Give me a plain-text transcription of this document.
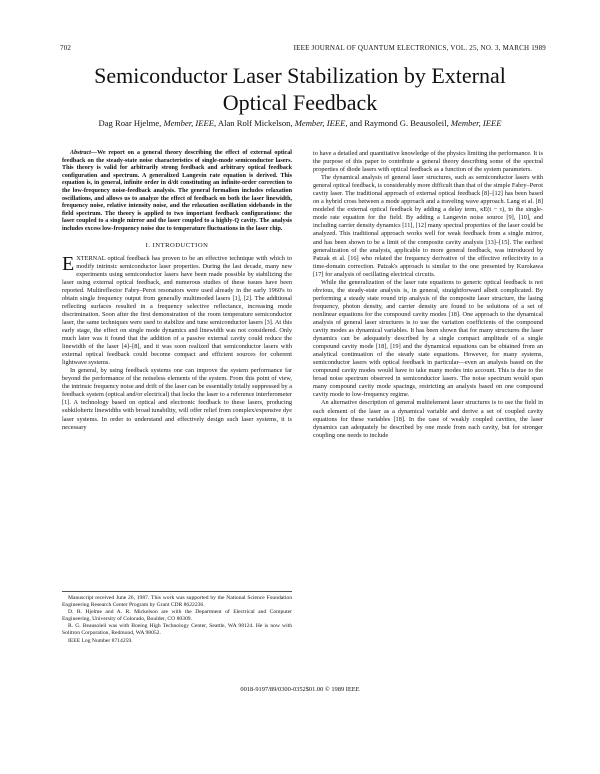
702	IEEE JOURNAL OF QUANTUM ELECTRONICS, VOL. 25, NO. 3, MARCH 1989
Semiconductor Laser Stabilization by External
Optical Feedback
Dag Roar Hjelme, Member, IEEE, Alan Rolf Mickelson, Member, IEEE, and Raymond G. Beausoleil, Member, IEEE

Abstract—We report on a general theory describing the effect of external optical feedback on the steady-state noise characteristics of single-mode semiconductor lasers. This theory is valid for arbitrarily strong feedback and arbitrary optical feedback configuration and spectrum. A generalized Langevin rate equation is derived. This equation is, in general, infinite order in d/dt constituting an infinite-order correction to the low-frequency noise-feedback analysis. The general formalism includes relaxation oscillations, and allows us to analyze the effect of feedback on both the laser linewidth, frequency noise, relative intensity noise, and the relaxation oscillation sidebands in the field spectrum. The theory is applied to two important feedback configurations: the laser coupled to a single mirror and the laser coupled to a highly-Q cavity. The analysis includes excess low-frequency noise due to temperature fluctuations in the laser chip.

I. INTRODUCTION

EXTERNAL optical feedback has proven to be an effective technique with which to modify intrinsic semiconductor laser properties. During the last decade, many new experiments using semiconductor lasers have been made possible by stabilizing the laser using external optical feedback, and numerous studies of these issues have been reported. Multireflector Fabry–Perot resonators were used already in the early 1960's to obtain single frequency output from generally multimoded lasers [1], [2]. The additional reflecting surfaces resulted in a frequency selective reflectance, increasing mode discrimination. Soon after the first demonstration of the room temperature semiconductor laser, the same techniques were used to stabilize and tune semiconductor lasers [3]. At this early stage, the effect on single mode dynamics and linewidth was not considered. Only much later was it found that the addition of a passive external cavity could reduce the linewidth of the laser [4]–[8], and it was soon realized that semiconductor lasers with external optical feedback could become compact and efficient sources for coherent lightwave systems.

In general, by using feedback systems one can improve the system performance far beyond the performance of the noiseless elements of the system. From this point of view, the intrinsic frequency noise and drift of the laser can be essentially totally suppressed by a feedback system (optical and/or electrical) that locks the laser to a reference interferometer [1]. A technology based on optical and electronic feedback to these lasers, producing subkilohertz linewidths with broad tunability, will offer relief from complex/expensive dye laser systems. In order to understand and effectively design such laser systems, it is necessary

Manuscript received June 26, 1987. This work was supported by the National Science Foundation Engineering Research Center Program by Grant CDR 8622236.

D. R. Hjelme and A. R. Mickelson are with the Department of Electrical and Computer Engineering, University of Colorado, Boulder, CO 80309.

R. G. Beausoleil was with Boeing High Technology Center, Seattle, WA 98124. He is now with Solitron Corporation, Redmond, WA 98052.

IEEE Log Number 8714259.

to have a detailed and quantitative knowledge of the physics limiting the performance. It is the purpose of this paper to contribute a general theory describing some of the spectral properties of diode lasers with optical feedback as a function of the system parameters.

The dynamical analysis of general laser structures, such as semiconductor lasers with general optical feedback, is considerably more difficult than that of the simple Fabry–Perot cavity laser. The traditional approach of external optical feedback [8]–[12] has been based on a hybrid cross between a mode approach and a traveling wave approach. Lang et al. [8] modeled the external optical feedback by adding a delay term, κE(t − τ), to the single-mode rate equation for the field. By adding a Langevin noise source [9], [10], and including carrier density dynamics [11], [12] many spectral properties of the laser could be analyzed. This traditional approach works well for weak feedback from a single mirror, and has been shown to be a limit of the composite cavity analysis [13]–[15]. The earliest generalization of the analysis, applicable to more general feedback, was introduced by Patzak et al. [16] who related the frequency derivative of the effective reflectivity to a time-domain correction. Patzak's approach is similar to the one presented by Kurokawa [17] for analysis of oscillating electrical circuits.

While the generalization of the laser rate equations to generic optical feedback is not obvious, the steady-state analysis is, in general, straightforward albeit complicated. By performing a steady state round trip analysis of the composite laser structure, the lasing frequency, photon density, and carrier density are found to be solutions of a set of nonlinear equations for the compound cavity modes [18]. One approach to the dynamical analysis of general laser structures is to use the variation coefficients of the compound cavity modes as dynamical variables. It has been shown that for many structures the laser dynamics can be adequately described by a single compact amplitude of a single compound cavity mode [18], [19] and the dynamical equations can be obtained from an analytical continuation of the steady state equations. However, for many systems, semiconductor lasers with optical feedback in particular—even an analysis based on the compound cavity modes would have to take many modes into account. This is due to the broad noise spectrum observed in semiconductor lasers. The noise spectrum would span many compound cavity mode spacings, restricting an analysis based on one compound cavity mode to low-frequency regime.

An alternative description of general multielement laser structures is to use the field in each element of the laser as a dynamical variable and derive a set of coupled cavity equations for these variables [18]. In the case of weakly coupled cavities, the laser dynamics can adequately be described by one mode from each cavity, but for stronger coupling one needs to include

0018-9197/89/0300-0352$01.00 © 1989 IEEE
